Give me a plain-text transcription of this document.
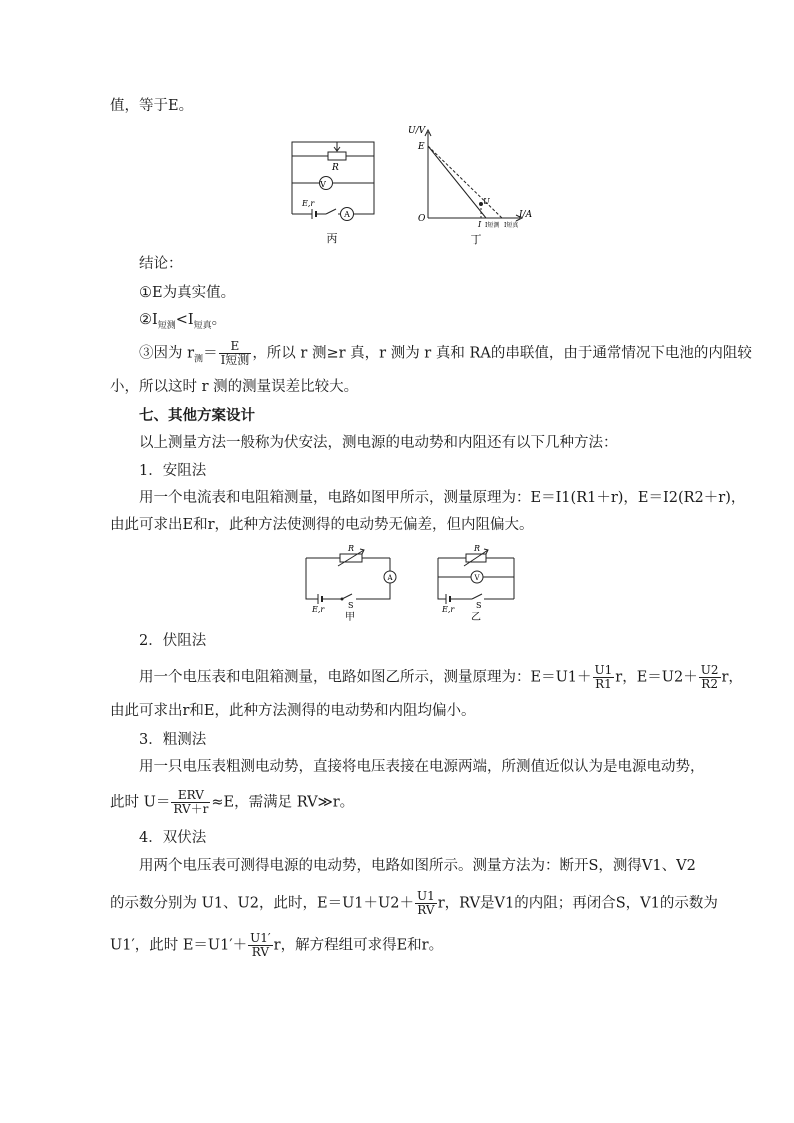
值，等于E。
R
V
E,r
A
丙
U/V
I/A
E
O
U
I I短测 I短真
丁
结论：
①E为真实值。
$②I_{短测}<I_{短真}$。
③因为 $r_测= \frac{E}{\text{I短测}}$ ，所以 r 测≥r 真，r 测为 r 真和 RA的串联值，由于通常情况下电池的内阻较
小，所以这时 r 测的测量误差比较大。
七、其他方案设计
以上测量方法一般称为伏安法，测电源的电动势和内阻还有以下几种方法：
1．安阻法
用一个电流表和电阻箱测量，电路如图甲所示，测量原理为：E＝I1(R1＋r)，E＝I2(R2＋r)，
由此可求出E和r，此种方法使测得的电动势无偏差，但内阻偏大。
R
A
E,r	S
甲
R
V
E,r	S
乙
2．伏阻法
用一个电压表和电阻箱测量，电路如图乙所示，测量原理为：$E=U1+ \frac{U1}{R1}$ r，$E=U2+ \frac{U2}{R2}$ r，
由此可求出r和E，此种方法测得的电动势和内阻均偏小。
3．粗测法
用一只电压表粗测电动势，直接将电压表接在电源两端，所测值近似认为是电源电动势，
此时 $U= \frac{\text{ERV}}{RV+r} \approx E$，需满足 RV≫r。
4．双伏法
用两个电压表可测得电源的电动势，电路如图所示。测量方法为：断开S，测得V1、V2
的示数分别为 U1、U2，此时，$E=U1+U2+ \frac{U1}{RV}$ r，RV是V1的内阻；再闭合S，V1的示数为
U1′，此时 $E=U1'+ \frac{U1'}{RV}$ r，解方程组可求得E和r。
